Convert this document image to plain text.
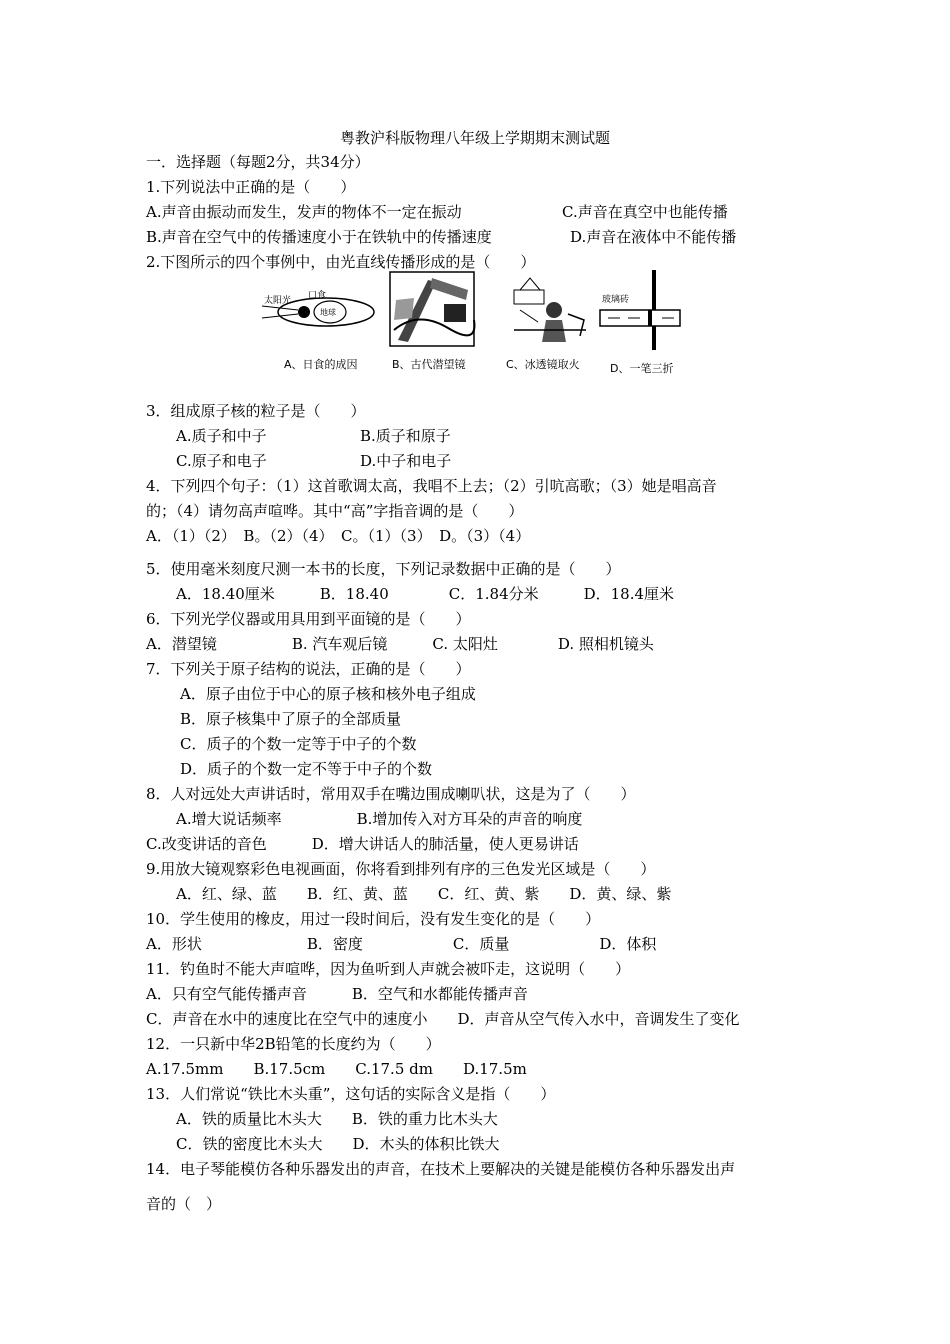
粤教沪科版物理八年级上学期期末测试题
一．选择题（每题2分，共34分）
1.下列说法中正确的是（　　）
A.声音由振动而发生，发声的物体不一定在振动	C.声音在真空中也能传播
B.声音在空气中的传播速度小于在铁轨中的传播速度	D.声音在液体中不能传播
2.下图所示的四个事例中，由光直线传播形成的是（　　）
太阳光 口食
地球
玻璃砖
A、日食的成因	B、古代潜望镜	C、冰透镜取火	D、一笔三折
3．组成原子核的粒子是（　　）
A.质子和中子	B.质子和原子
C.原子和电子	D.中子和电子
4．下列四个句子：（1）这首歌调太高，我唱不上去；（2）引吭高歌；（3）她是唱高音
的；（4）请勿高声喧哗。其中“高”字指音调的是（　　）
A．（1）（2）　B。（2）（4）　C。（1）（3）　D。（3）（4）
5．使用毫米刻度尺测一本书的长度，下列记录数据中正确的是（　　）
A．18.40厘米　　　B．18.40　　　　C．1.84分米　　　D．18.4厘米
6．下列光学仪器或用具用到平面镜的是（　　）
A．潜望镜　　　　　B. 汽车观后镜　　　C. 太阳灶　　　　D. 照相机镜头
7．下列关于原子结构的说法，正确的是（　　）
A．原子由位于中心的原子核和核外电子组成
B．原子核集中了原子的全部质量
C．质子的个数一定等于中子的个数
D．质子的个数一定不等于中子的个数
8．人对远处大声讲话时，常用双手在嘴边围成喇叭状，这是为了（　　）
A.增大说话频率　　　　　B.增加传入对方耳朵的声音的响度
C.改变讲话的音色　　　D．增大讲话人的肺活量，使人更易讲话
9.用放大镜观察彩色电视画面，你将看到排列有序的三色发光区域是（　　）
A．红、绿、蓝　　B．红、黄、蓝　　C．红、黄、紫　　D．黄、绿、紫
10．学生使用的橡皮，用过一段时间后，没有发生变化的是（　　）
A．形状　　　　　　　B．密度　　　　　　C．质量　　　　　　D．体积
11．钓鱼时不能大声喧哗，因为鱼听到人声就会被吓走，这说明（　　）
A．只有空气能传播声音　　　B．空气和水都能传播声音
C．声音在水中的速度比在空气中的速度小　　D．声音从空气传入水中，音调发生了变化
12．一只新中华2B铅笔的长度约为（　　）
A.17.5mm　　B.17.5cm　　C.17.5 dm　　D.17.5m
13．人们常说“铁比木头重”，这句话的实际含义是指（　　）
A．铁的质量比木头大　　B．铁的重力比木头大
C．铁的密度比木头大　　D．木头的体积比铁大
14．电子琴能模仿各种乐器发出的声音，在技术上要解决的关键是能模仿各种乐器发出声
音的（　）
